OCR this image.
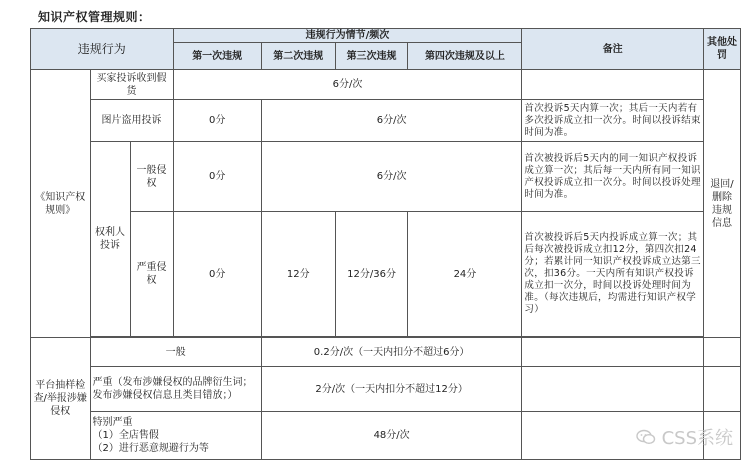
知识产权管理规则：
违规行为			违规行为情节/频次				备注	其他处罚
			第一次违规	第二次违规	第三次违规	第四次违规及以上		
《知识产权规则》	买家投诉收到假货		6分/次					退回/删除违规信息
	图片盗用投诉		0分	6分/次			首次投诉5天内算一次；其后一天内若有多次投诉成立扣一次分。时间以投诉结束时间为准。	
	权利人投诉	一般侵权	0分	6分/次			首次被投诉后5天内的同一知识产权投诉成立算一次；其后每一天内所有同一知识产权投诉成立扣一次分。时间以投诉处理时间为准。	
		严重侵权	0分	12分	12分/36分	24分	首次被投诉后5天内投诉成立算一次；其后每次被投诉成立扣12分，第四次扣24分；若累计同一知识产权投诉成立达第三次，扣36分。一天内所有知识产权投诉成立扣一次分，时间以投诉处理时间为准。（每次违规后，均需进行知识产权学习）	

平台抽样检查/举报涉嫌侵权	一般	0.2分/次（一天内扣分不超过6分）		
	严重（发布涉嫌侵权的品牌衍生词；发布涉嫌侵权信息且类目错放；）	2分/次（一天内扣分不超过12分）		

	特别严重
（1）全店售假
（2）进行恶意规避行为等	48分/次			CSS系统
